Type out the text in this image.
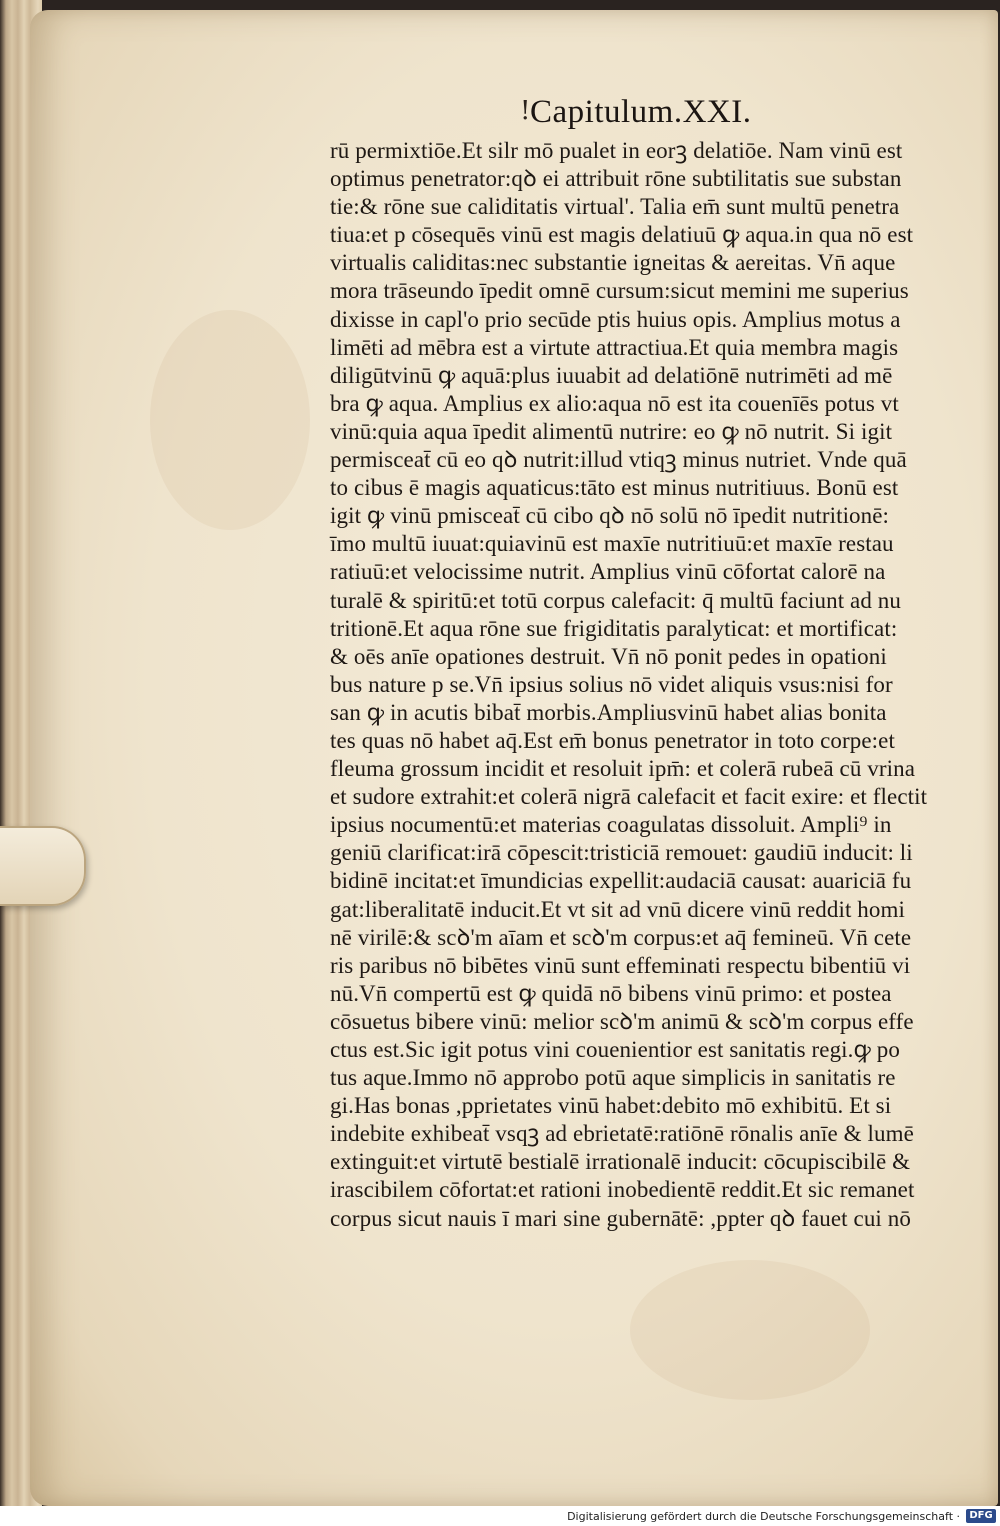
! Capitulum.XXI.
rū permixtiōe.Et silr mō pualet in eorꝫ delatiōe. Nam vinū est
optimus penetrator:qꝺ ei attribuit rōne subtilitatis sue substan
tie:& rōne sue caliditatis virtual'. Talia em̄ sunt multū penetra
tiua:et p cōsequēs vinū est magis delatiuū ꝙ aqua.in qua nō est
virtualis caliditas:nec substantie igneitas & aereitas. Vn̄ aque
mora trāseundo īpedit omnē cursum:sicut memini me superius
dixisse in capl'o prio secūde ptis huius opis. Amplius motus a
limēti ad mēbra est a virtute attractiua.Et quia membra magis
diligūtvinū ꝙ aquā:plus iuuabit ad delatiōnē nutrimēti ad mē
bra ꝙ aqua. Amplius ex alio:aqua nō est ita couenīēs potus vt
vinū:quia aqua īpedit alimentū nutrire: eo ꝙ nō nutrit. Si igit
permisceat̄ cū eo qꝺ nutrit:illud vtiqꝫ minus nutriet. Vnde quā
to cibus ē magis aquaticus:tāto est minus nutritiuus. Bonū est
igit ꝙ vinū pmisceat̄ cū cibo qꝺ nō solū nō īpedit nutritionē:
īmo multū iuuat:quiavinū est maxīe nutritiuū:et maxīe restau
ratiuū:et velocissime nutrit. Amplius vinū cōfortat calorē na
turalē & spiritū:et totū corpus calefacit: q̄ multū faciunt ad nu
tritionē.Et aqua rōne sue frigiditatis paralyticat: et mortificat:
& oēs anīe opationes destruit. Vn̄ nō ponit pedes in opationi
bus nature p se.Vn̄ ipsius solius nō videt aliquis vsus:nisi for
san ꝙ in acutis bibat̄ morbis.Ampliusvinū habet alias bonita
tes quas nō habet aq̄.Est em̄ bonus penetrator in toto corpe:et
fleuma grossum incidit et resoluit ipm̄: et colerā rubeā cū vrina
et sudore extrahit:et colerā nigrā calefacit et facit exire: et flectit
ipsius nocumentū:et materias coagulatas dissoluit. Ampli⁹ in
geniū clarificat:irā cōpescit:tristiciā remouet: gaudiū inducit: li
bidinē incitat:et īmundicias expellit:audaciā causat: auariciā fu
gat:liberalitatē inducit.Et vt sit ad vnū dicere vinū reddit homi
nē virilē:& scꝺ'm aīam et scꝺ'm corpus:et aq̄ femineū. Vn̄ cete
ris paribus nō bibētes vinū sunt effeminati respectu bibentiū vi
nū.Vn̄ compertū est ꝙ quidā nō bibens vinū primo: et postea
cōsuetus bibere vinū: melior scꝺ'm animū & scꝺ'm corpus effe
ctus est.Sic igit potus vini couenientior est sanitatis regi.ꝙ po
tus aque.Immo nō approbo potū aque simplicis in sanitatis re
gi.Has bonas ,pprietates vinū habet:debito mō exhibitū. Et si
indebite exhibeat̄ vsqꝫ ad ebrietatē:ratiōnē rōnalis anīe & lumē
extinguit:et virtutē bestialē irrationalē inducit: cōcupiscibilē &
irascibilem cōfortat:et rationi inobedientē reddit.Et sic remanet
corpus sicut nauis ī mari sine gubernātē: ,ppter qꝺ fauet cui nō
Digitalisierung gefördert durch die Deutsche Forschungsgemeinschaft · DFG
